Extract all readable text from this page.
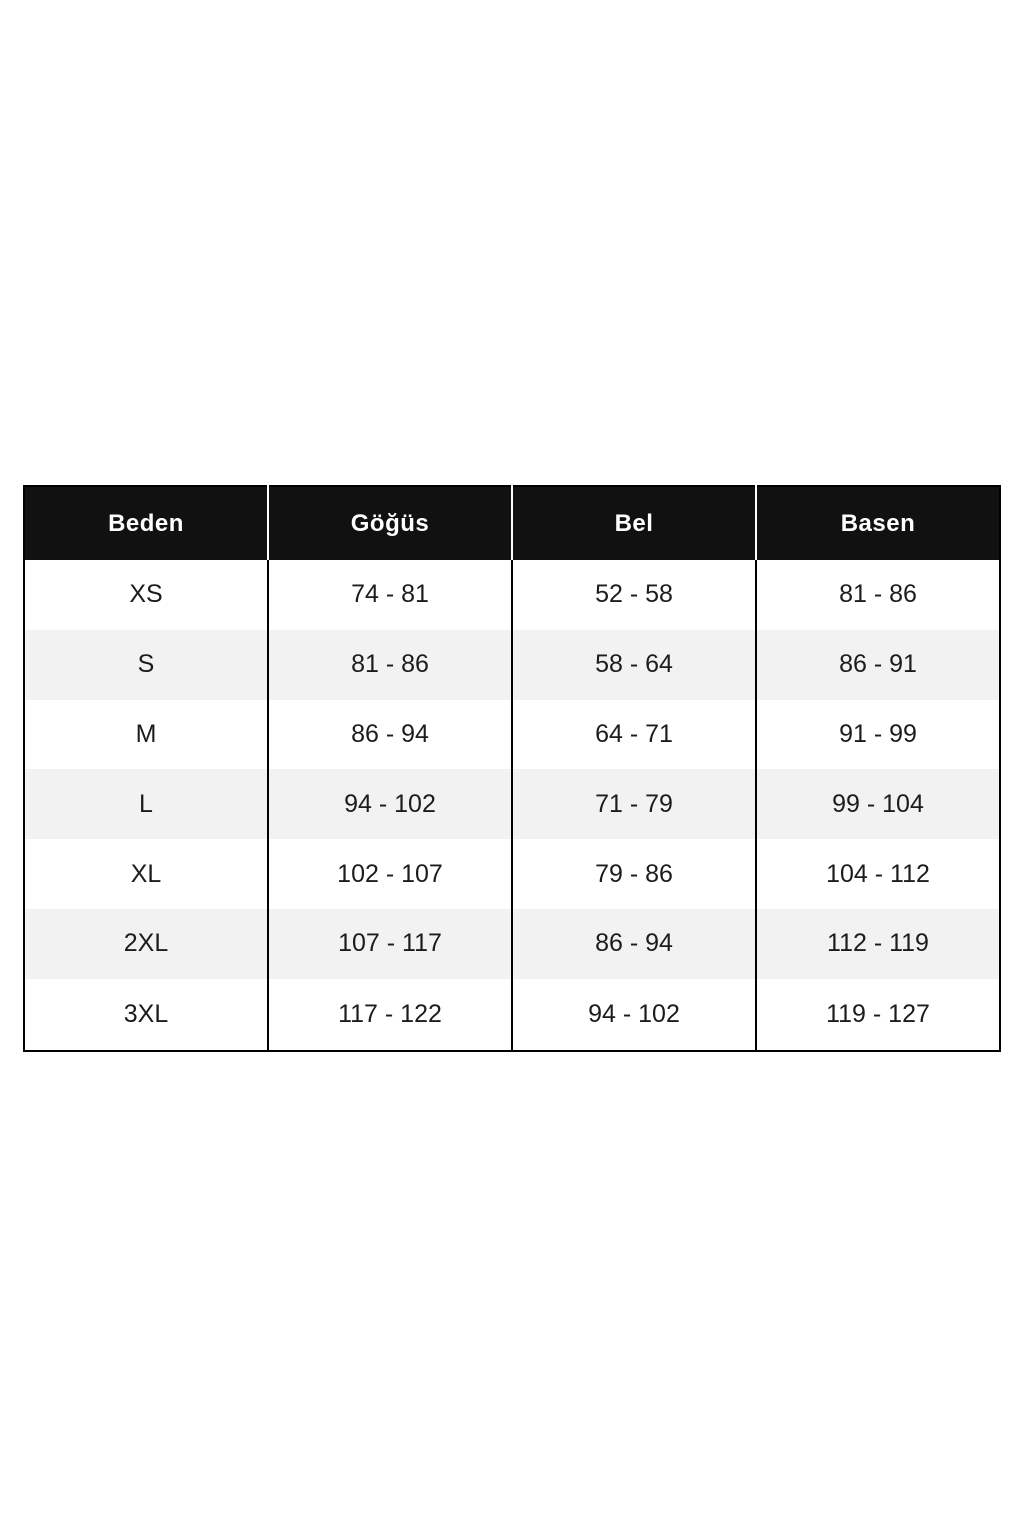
Beden	Göğüs	Bel	Basen
XS	74 - 81	52 - 58	81 - 86
S	81 - 86	58 - 64	86 - 91
M	86 - 94	64 - 71	91 - 99
L	94 - 102	71 - 79	99 - 104
XL	102 - 107	79 - 86	104 - 112
2XL	107 - 117	86 - 94	112 - 119
3XL	117 - 122	94 - 102	119 - 127
